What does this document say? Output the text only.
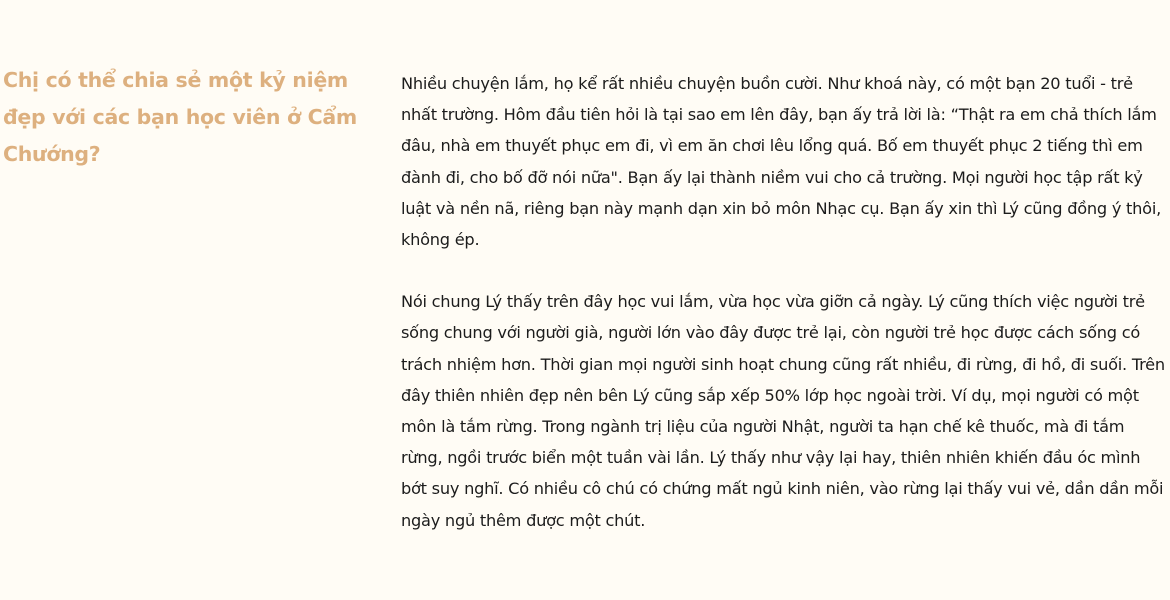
Chị có thể chia sẻ một kỷ niệm đẹp với các bạn học viên ở Cẩm Chướng?

Nhiều chuyện lắm, họ kể rất nhiều chuyện buồn cười. Như khoá này, có một bạn 20 tuổi - trẻ nhất trường. Hôm đầu tiên hỏi là tại sao em lên đây, bạn ấy trả lời là: “Thật ra em chả thích lắm đâu, nhà em thuyết phục em đi, vì em ăn chơi lêu lổng quá. Bố em thuyết phục 2 tiếng thì em đành đi, cho bố đỡ nói nữa". Bạn ấy lại thành niềm vui cho cả trường. Mọi người học tập rất kỷ luật và nền nã, riêng bạn này mạnh dạn xin bỏ môn Nhạc cụ. Bạn ấy xin thì Lý cũng đồng ý thôi, không ép.

Nói chung Lý thấy trên đây học vui lắm, vừa học vừa giỡn cả ngày. Lý cũng thích việc người trẻ sống chung với người già, người lớn vào đây được trẻ lại, còn người trẻ học được cách sống có trách nhiệm hơn. Thời gian mọi người sinh hoạt chung cũng rất nhiều, đi rừng, đi hồ, đi suối. Trên đây thiên nhiên đẹp nên bên Lý cũng sắp xếp 50% lớp học ngoài trời. Ví dụ, mọi người có một môn là tắm rừng. Trong ngành trị liệu của người Nhật, người ta hạn chế kê thuốc, mà đi tắm rừng, ngồi trước biển một tuần vài lần. Lý thấy như vậy lại hay, thiên nhiên khiến đầu óc mình bớt suy nghĩ. Có nhiều cô chú có chứng mất ngủ kinh niên, vào rừng lại thấy vui vẻ, dần dần mỗi ngày ngủ thêm được một chút.
